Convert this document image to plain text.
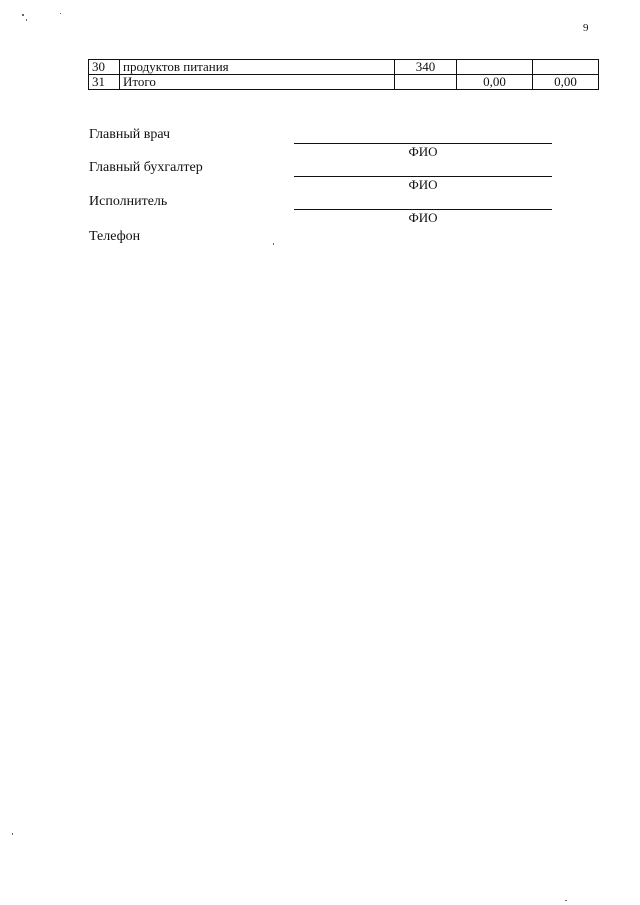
9
30	продуктов питания	340		
31	Итого		0,00	0,00
Главный врач
ФИО
Главный бухгалтер
ФИО
Исполнитель
ФИО
Телефон
